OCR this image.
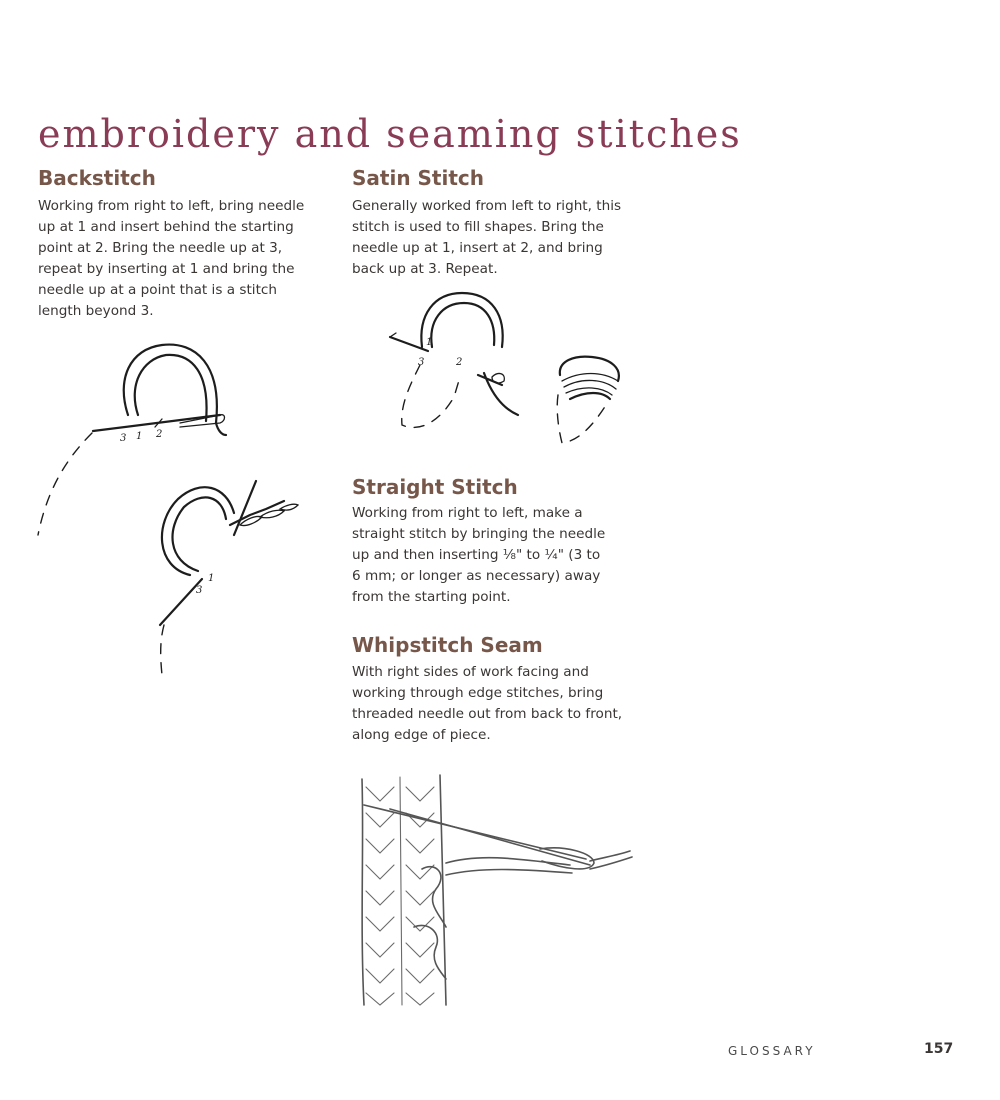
embroidery and seaming stitches
Backstitch

Working from right to left, bring needle
up at 1 and insert behind the starting
point at 2. Bring the needle up at 3,
repeat by inserting at 1 and bring the
needle up at a point that is a stitch
length beyond 3.

3 1 2
1
3
Satin Stitch

Generally worked from left to right, this
stitch is used to fill shapes. Bring the
needle up at 1, insert at 2, and bring
back up at 3. Repeat.

1
3	2
Straight Stitch

Working from right to left, make a
straight stitch by bringing the needle
up and then inserting ⅛" to ¼" (3 to
6 mm; or longer as necessary) away
from the starting point.

Whipstitch Seam

With right sides of work facing and
working through edge stitches, bring
threaded needle out from back to front,
along edge of piece.

GLOSSARY	157
